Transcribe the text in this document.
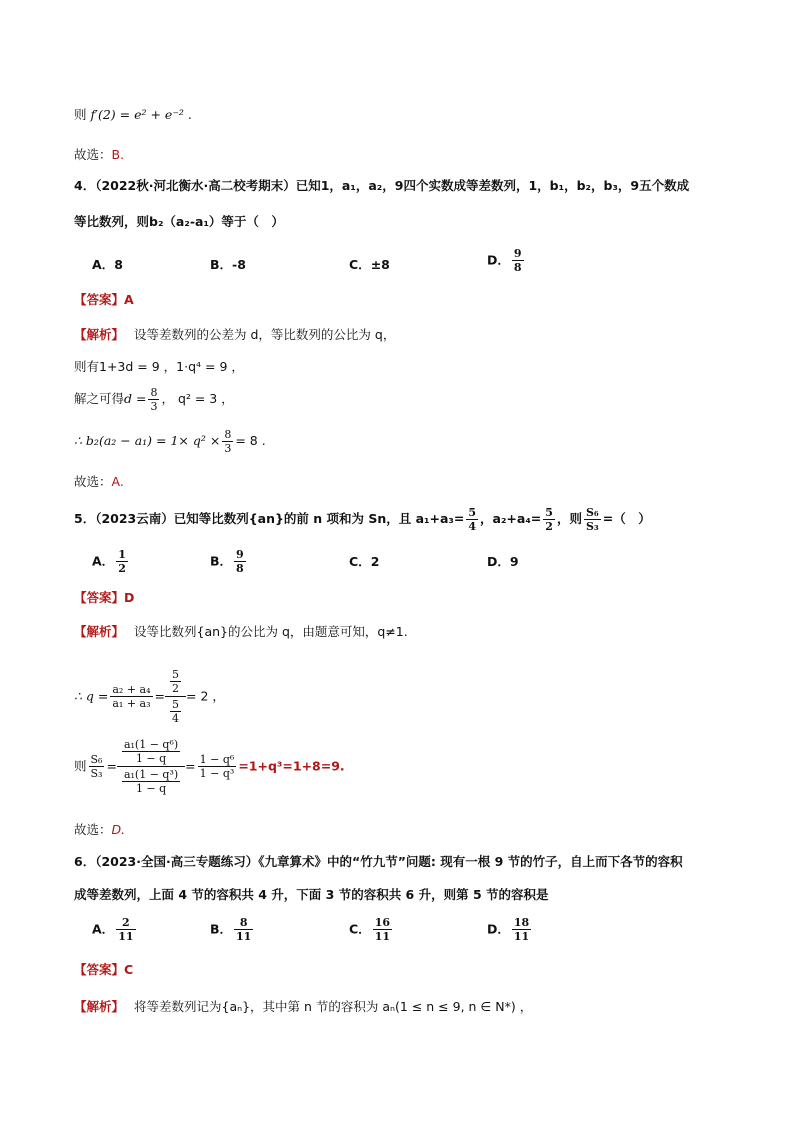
则 f′(2) = e² + e⁻² .
故选：B.
4．（2022秋·河北衡水·高二校考期末）已知1，a₁，a₂，9四个实数成等差数列，1，b₁，b₂，b₃，9五个数成
等比数列，则b₂（a₂-a₁）等于（　）
A．8	B．-8	C．±8	D． $\frac{9}{8}$
【答案】A
【解析】 设等差数列的公差为 d，等比数列的公比为 q，
则有1+3d = 9 ，1·q⁴ = 9 ，
解之可得$d = \frac{8}{3}$ ， q² = 3 ，
∴ $b_2(a_2 - a_1) = 1\times q^2 \times \frac{8}{3} = 8$ .
故选：A.
5．（2023云南）已知等比数列{an}的前 n 项和为 Sn，且 $a_1+a_3= \frac{5}{4}$ ，$a_2+a_4= \frac{5}{2}$ ，则 $\frac{\text{S₆}}{\text{S₃}}$ =（　）
A． $\frac{1}{2}$	B． $\frac{9}{8}$	C．2	D．9
【答案】D
【解析】 设等比数列{an}的公比为 q，由题意可知，q≠1.
∴ $q = \frac{\text{a₂ + a₄}}{\text{a₁ + a₃}} = \frac{\frac{5}{2}}{\frac{5}{4}} = 2$ ，
则 $\frac{\text{S₆}}{\text{S₃}} = \frac{\frac{\text{a₁(1 − q⁶)}}{1 - q}}{\frac{\text{a₁(1 − q³)}}{1 - q}} = \frac{\text{1 − q⁶}}{\text{1 − q³}} =1+q^3=1+8=9$.
故选：D.
6．（2023·全国·高三专题练习）《九章算术》中的“竹九节”问题: 现有一根 9 节的竹子，自上而下各节的容积
成等差数列，上面 4 节的容积共 4 升，下面 3 节的容积共 6 升，则第 5 节的容积是
A． $\frac{2}{11}$	B． $\frac{8}{11}$	C． $\frac{16}{11}$	D． $\frac{18}{11}$
【答案】C
【解析】 将等差数列记为{aₙ}，其中第 n 节的容积为 aₙ(1 ≤ n ≤ 9, n ∈ N*) ，
